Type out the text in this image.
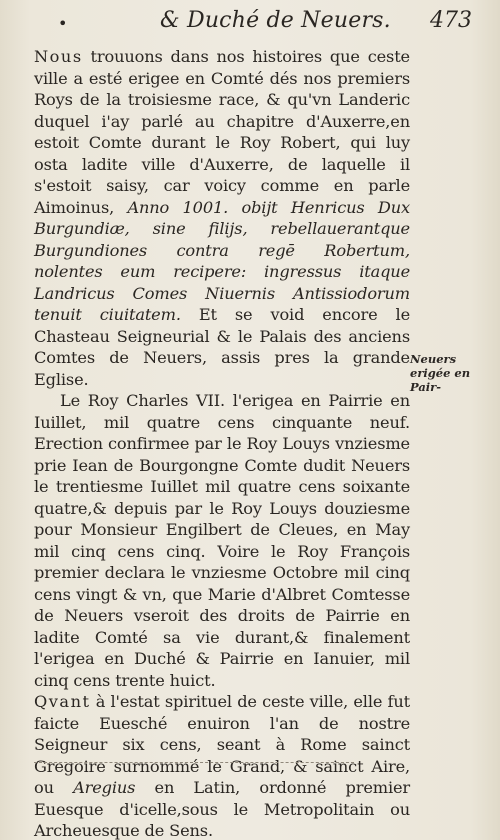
•	& Duché de Neuers. 473

Nous trouuons dans nos histoires que ceste ville a esté erigee en Comté dés nos premiers Roys de la troisiesme race, & qu'vn Landeric duquel i'ay parlé au chapitre d'Auxerre,en estoit Comte durant le Roy Robert, qui luy osta ladite ville d'Auxerre, de laquelle il s'estoit saisy, car voicy comme en parle Aimoinus, Anno 1001. obijt Henricus Dux Burgundiæ, sine filijs, rebellauerantque Burgundiones contra regē Robertum, nolentes eum recipere: ingressus itaque Landricus Comes Niuernis Antissiodorum tenuit ciuitatem. Et se void encore le Chasteau Seigneurial & le Palais des anciens Comtes de Neuers, assis pres la grande Eglise.

Le Roy Charles VII. l'erigea en Pairrie en Iuillet, mil quatre cens cinquante neuf. Erection confirmee par le Roy Louys vnziesme prie Iean de Bourgongne Comte dudit Neuers le trentiesme Iuillet mil quatre cens soixante quatre,& depuis par le Roy Louys douziesme pour Monsieur Engilbert de Cleues, en May mil cinq cens cinq. Voire le Roy François premier declara le vnziesme Octobre mil cinq cens vingt & vn, que Marie d'Albret Comtesse de Neuers vseroit des droits de Pairrie en ladite Comté sa vie durant,& finalement l'erigea en Duché & Pairrie en Ianuier, mil cinq cens trente huict.

Qvant à l'estat spirituel de ceste ville, elle fut faicte Euesché enuiron l'an de nostre Seigneur six cens, seant à Rome sainct Gregoire surnommé le Grand, & sainct Aire, ou Aregius en Latin, ordonné premier Euesque d'icelle,sous le Metropolitain ou Archeuesque de Sens.

Neuers erigée en Pair-
